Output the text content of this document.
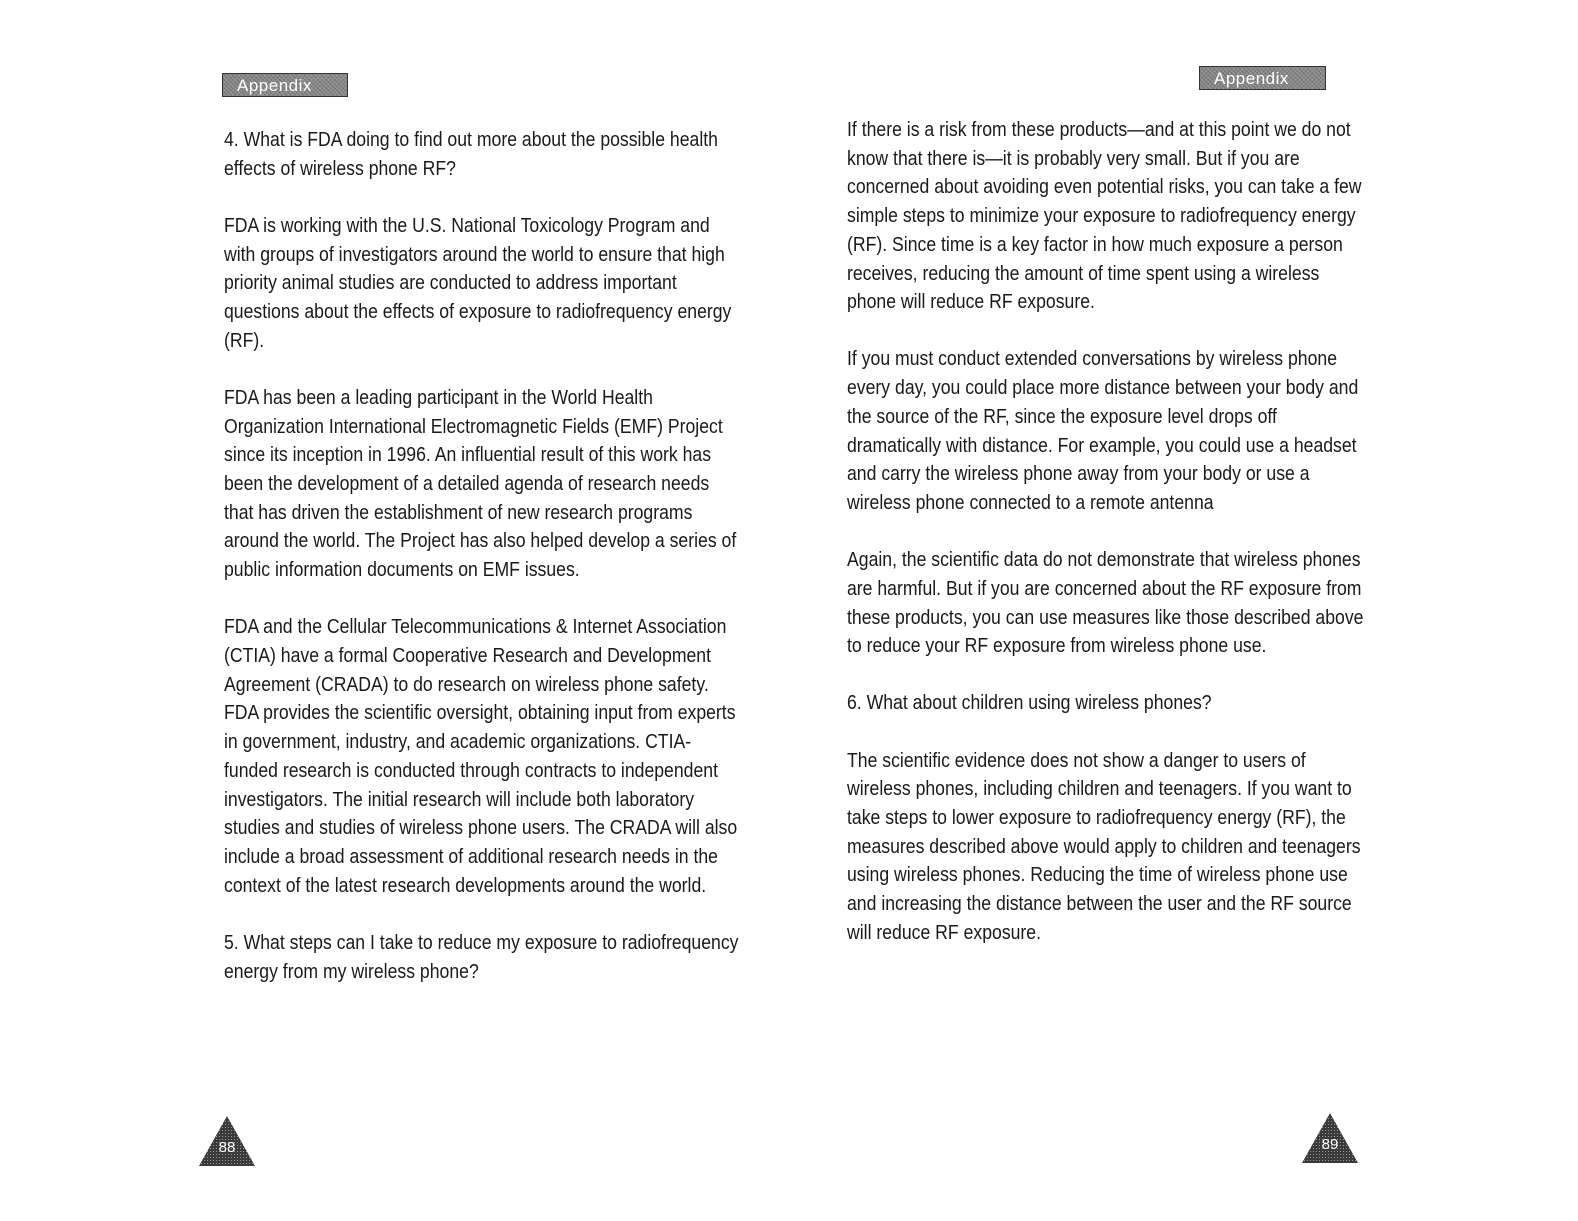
Appendix

4. What is FDA doing to find out more about the possible health effects of wireless phone RF?

FDA is working with the U.S. National Toxicology Program and with groups of investigators around the world to ensure that high priority animal studies are conducted to address important questions about the effects of exposure to radiofrequency energy (RF).

FDA has been a leading participant in the World Health Organization International Electromagnetic Fields (EMF) Project since its inception in 1996. An influential result of this work has been the development of a detailed agenda of research needs that has driven the establishment of new research programs around the world. The Project has also helped develop a series of public information documents on EMF issues.

FDA and the Cellular Telecommunications & Internet Association (CTIA) have a formal Cooperative Research and Development Agreement (CRADA) to do research on wireless phone safety. FDA provides the scientific oversight, obtaining input from experts in government, industry, and academic organizations. CTIA-funded research is conducted through contracts to independent investigators. The initial research will include both laboratory studies and studies of wireless phone users. The CRADA will also include a broad assessment of additional research needs in the context of the latest research developments around the world.

5. What steps can I take to reduce my exposure to radiofrequency energy from my wireless phone?

88
Appendix

If there is a risk from these products—and at this point we do not know that there is—it is probably very small. But if you are concerned about avoiding even potential risks, you can take a few simple steps to minimize your exposure to radiofrequency energy (RF). Since time is a key factor in how much exposure a person receives, reducing the amount of time spent using a wireless phone will reduce RF exposure.

If you must conduct extended conversations by wireless phone every day, you could place more distance between your body and the source of the RF, since the exposure level drops off dramatically with distance. For example, you could use a headset and carry the wireless phone away from your body or use a wireless phone connected to a remote antenna

Again, the scientific data do not demonstrate that wireless phones are harmful. But if you are concerned about the RF exposure from these products, you can use measures like those described above to reduce your RF exposure from wireless phone use.

6. What about children using wireless phones?

The scientific evidence does not show a danger to users of wireless phones, including children and teenagers. If you want to take steps to lower exposure to radiofrequency energy (RF), the measures described above would apply to children and teenagers using wireless phones. Reducing the time of wireless phone use and increasing the distance between the user and the RF source will reduce RF exposure.

89
